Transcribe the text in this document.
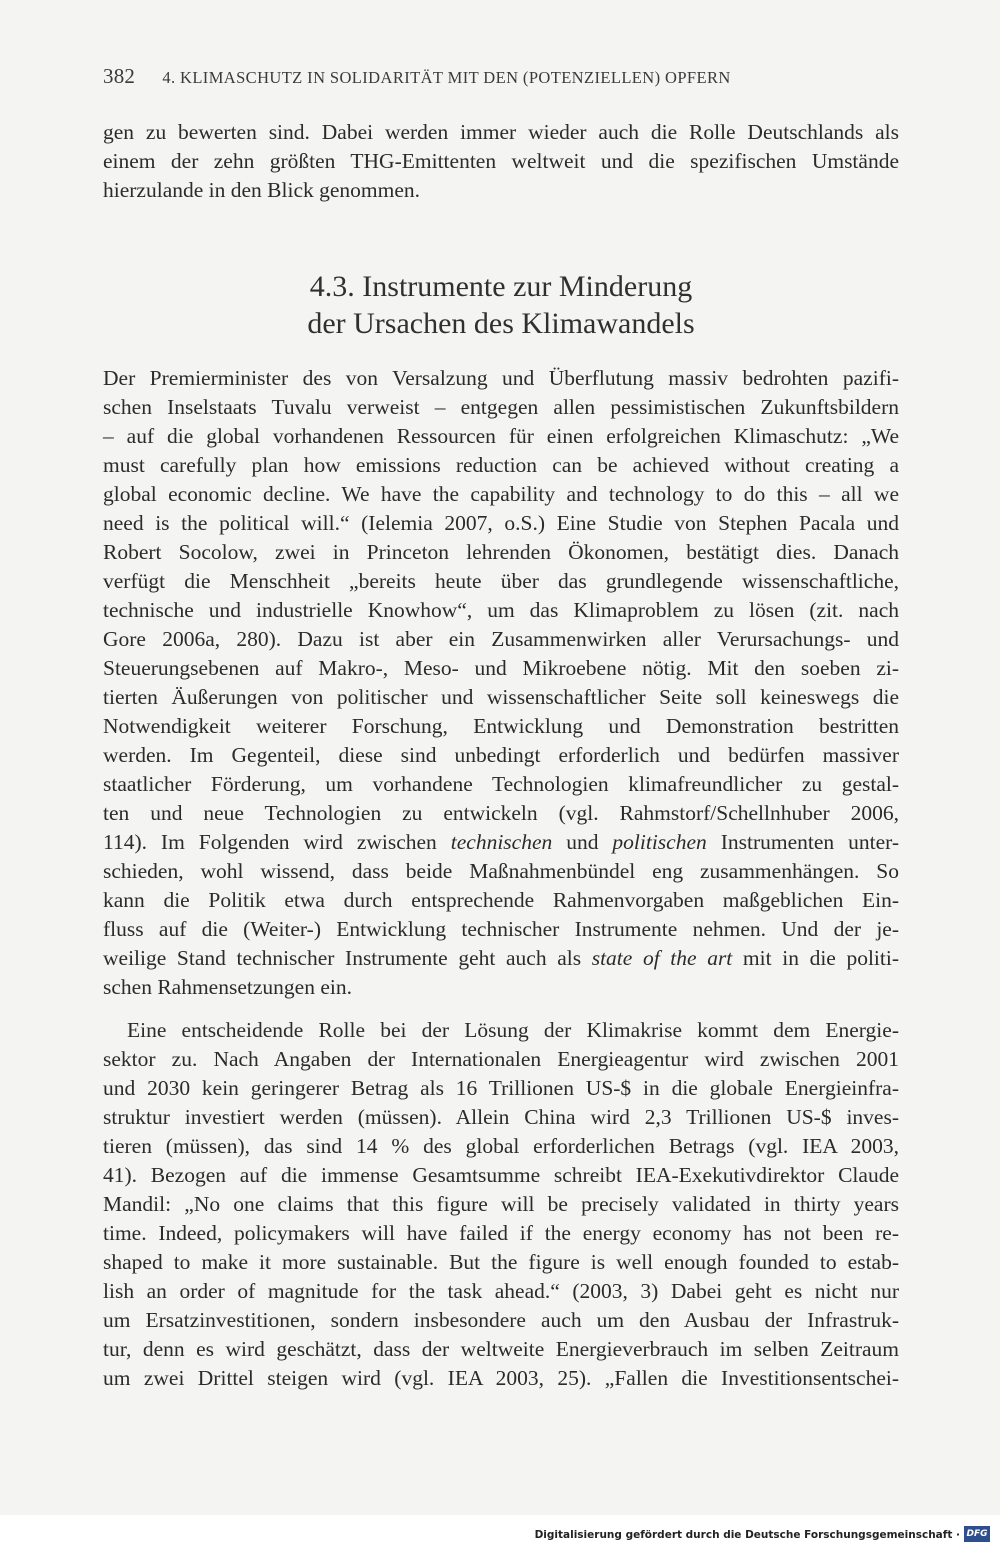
382 4. KLIMASCHUTZ IN SOLIDARITÄT MIT DEN (POTENZIELLEN) OPFERN
gen zu bewerten sind. Dabei werden immer wieder auch die Rolle Deutschlands als
einem der zehn größten THG-Emittenten weltweit und die spezifischen Umstände
hierzulande in den Blick genommen.
4.3. Instrumente zur Minderung
der Ursachen des Klimawandels
Der Premierminister des von Versalzung und Überflutung massiv bedrohten pazifi-
schen Inselstaats Tuvalu verweist – entgegen allen pessimistischen Zukunftsbildern
– auf die global vorhandenen Ressourcen für einen erfolgreichen Klimaschutz: „We
must carefully plan how emissions reduction can be achieved without creating a
global economic decline. We have the capability and technology to do this – all we
need is the political will.“ (Ielemia 2007, o.S.) Eine Studie von Stephen Pacala und
Robert Socolow, zwei in Princeton lehrenden Ökonomen, bestätigt dies. Danach
verfügt die Menschheit „bereits heute über das grundlegende wissenschaftliche,
technische und industrielle Knowhow“, um das Klimaproblem zu lösen (zit. nach
Gore 2006a, 280). Dazu ist aber ein Zusammenwirken aller Verursachungs- und
Steuerungsebenen auf Makro-, Meso- und Mikroebene nötig. Mit den soeben zi-
tierten Äußerungen von politischer und wissenschaftlicher Seite soll keineswegs die
Notwendigkeit weiterer Forschung, Entwicklung und Demonstration bestritten
werden. Im Gegenteil, diese sind unbedingt erforderlich und bedürfen massiver
staatlicher Förderung, um vorhandene Technologien klimafreundlicher zu gestal-
ten und neue Technologien zu entwickeln (vgl. Rahmstorf/Schellnhuber 2006,
114). Im Folgenden wird zwischen technischen und politischen Instrumenten unter-
schieden, wohl wissend, dass beide Maßnahmenbündel eng zusammenhängen. So
kann die Politik etwa durch entsprechende Rahmenvorgaben maßgeblichen Ein-
fluss auf die (Weiter-) Entwicklung technischer Instrumente nehmen. Und der je-
weilige Stand technischer Instrumente geht auch als state of the art mit in die politi-
schen Rahmensetzungen ein.
Eine entscheidende Rolle bei der Lösung der Klimakrise kommt dem Energie-
sektor zu. Nach Angaben der Internationalen Energieagentur wird zwischen 2001
und 2030 kein geringerer Betrag als 16 Trillionen US-$ in die globale Energieinfra-
struktur investiert werden (müssen). Allein China wird 2,3 Trillionen US-$ inves-
tieren (müssen), das sind 14 % des global erforderlichen Betrags (vgl. IEA 2003,
41). Bezogen auf die immense Gesamtsumme schreibt IEA-Exekutivdirektor Claude
Mandil: „No one claims that this figure will be precisely validated in thirty years
time. Indeed, policymakers will have failed if the energy economy has not been re-
shaped to make it more sustainable. But the figure is well enough founded to estab-
lish an order of magnitude for the task ahead.“ (2003, 3) Dabei geht es nicht nur
um Ersatzinvestitionen, sondern insbesondere auch um den Ausbau der Infrastruk-
tur, denn es wird geschätzt, dass der weltweite Energieverbrauch im selben Zeitraum
um zwei Drittel steigen wird (vgl. IEA 2003, 25). „Fallen die Investitionsentschei-
Digitalisierung gefördert durch die Deutsche Forschungsgemeinschaft · DFG
